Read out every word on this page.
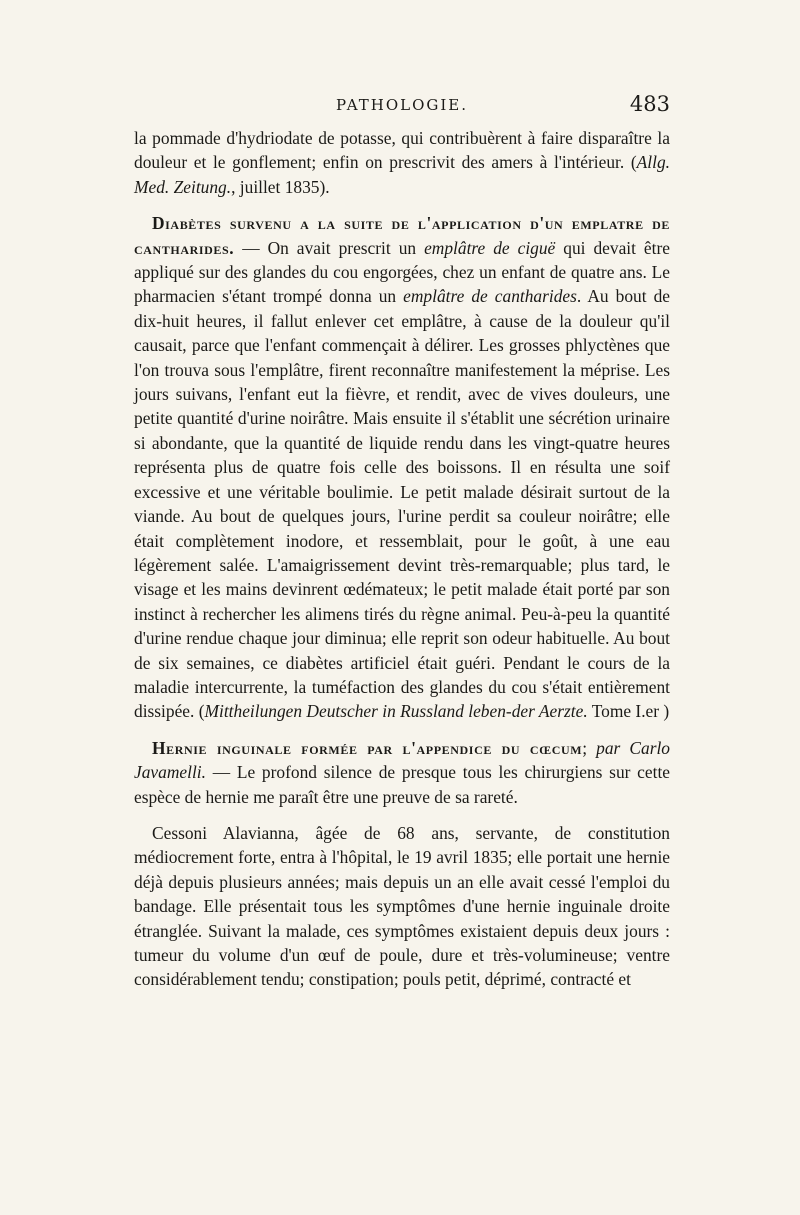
PATHOLOGIE.	483

la pommade d'hydriodate de potasse, qui contribuèrent à faire disparaître la douleur et le gonflement; enfin on prescrivit des amers à l'intérieur. (Allg. Med. Zeitung., juillet 1835).

Diabètes survenu a la suite de l'application d'un emplatre de cantharides. — On avait prescrit un emplâtre de ciguë qui devait être appliqué sur des glandes du cou engorgées, chez un enfant de quatre ans. Le pharmacien s'étant trompé donna un emplâtre de cantharides. Au bout de dix-huit heures, il fallut enlever cet emplâtre, à cause de la douleur qu'il causait, parce que l'enfant commençait à délirer. Les grosses phlyctènes que l'on trouva sous l'emplâtre, firent reconnaître manifestement la méprise. Les jours suivans, l'enfant eut la fièvre, et rendit, avec de vives douleurs, une petite quantité d'urine noirâtre. Mais ensuite il s'établit une sécrétion urinaire si abondante, que la quantité de liquide rendu dans les vingt-quatre heures représenta plus de quatre fois celle des boissons. Il en résulta une soif excessive et une véritable boulimie. Le petit malade désirait surtout de la viande. Au bout de quelques jours, l'urine perdit sa couleur noirâtre; elle était complètement inodore, et ressemblait, pour le goût, à une eau légèrement salée. L'amaigrissement devint très-remarquable; plus tard, le visage et les mains devinrent œdémateux; le petit malade était porté par son instinct à rechercher les alimens tirés du règne animal. Peu-à-peu la quantité d'urine rendue chaque jour diminua; elle reprit son odeur habituelle. Au bout de six semaines, ce diabètes artificiel était guéri. Pendant le cours de la maladie intercurrente, la tuméfaction des glandes du cou s'était entièrement dissipée. (Mittheilungen Deutscher in Russland leben-der Aerzte. Tome I.er )

Hernie inguinale formée par l'appendice du cœcum; par Carlo Javamelli. — Le profond silence de presque tous les chirurgiens sur cette espèce de hernie me paraît être une preuve de sa rareté.

Cessoni Alavianna, âgée de 68 ans, servante, de constitution médiocrement forte, entra à l'hôpital, le 19 avril 1835; elle portait une hernie déjà depuis plusieurs années; mais depuis un an elle avait cessé l'emploi du bandage. Elle présentait tous les symptômes d'une hernie inguinale droite étranglée. Suivant la malade, ces symptômes existaient depuis deux jours : tumeur du volume d'un œuf de poule, dure et très-volumineuse; ventre considérablement tendu; constipation; pouls petit, déprimé, contracté et
